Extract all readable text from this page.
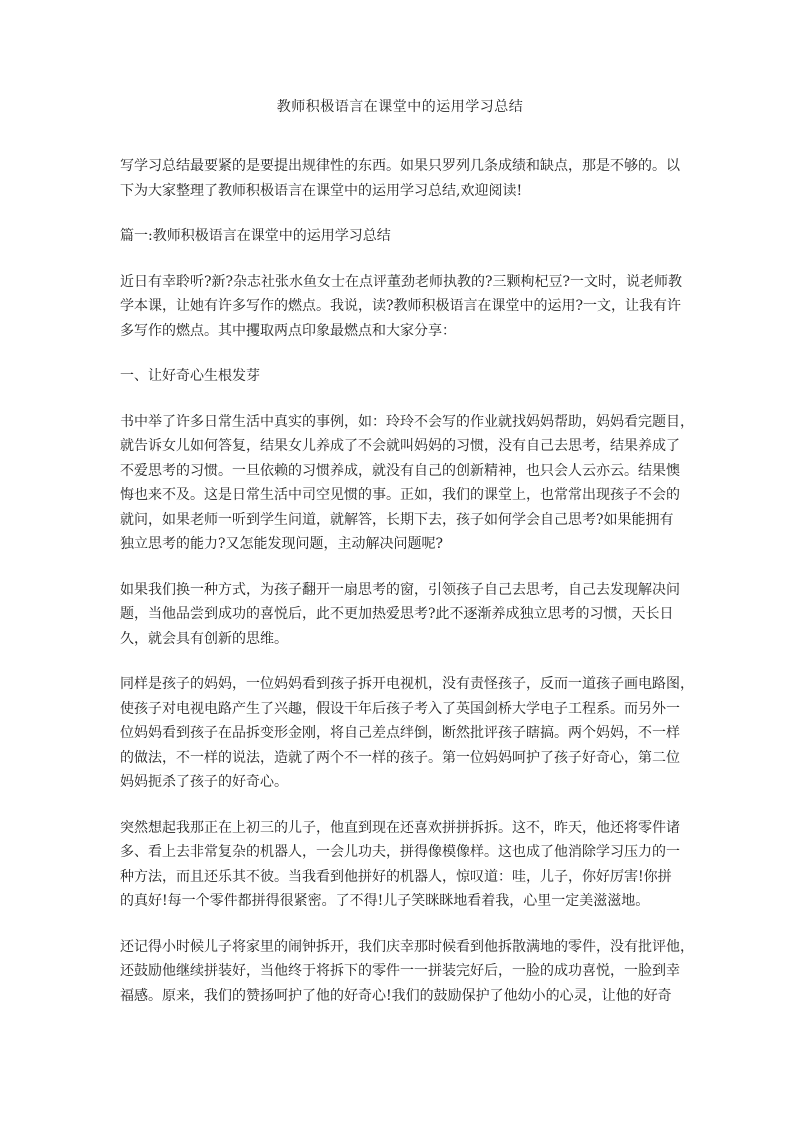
教师积极语言在课堂中的运用学习总结

写学习总结最要紧的是要提出规律性的东西。如果只罗列几条成绩和缺点，那是不够的。以
下为大家整理了教师积极语言在课堂中的运用学习总结,欢迎阅读!

篇一:教师积极语言在课堂中的运用学习总结

近日有幸聆听?新?杂志社张水鱼女士在点评董劲老师执教的?三颗枸杞豆?一文时，说老师教
学本课，让她有许多写作的燃点。我说，读?教师积极语言在课堂中的运用?一文，让我有许
多写作的燃点。其中攫取两点印象最燃点和大家分享：

一、让好奇心生根发芽

书中举了许多日常生活中真实的事例，如：玲玲不会写的作业就找妈妈帮助，妈妈看完题目，
就告诉女儿如何答复，结果女儿养成了不会就叫妈妈的习惯，没有自己去思考，结果养成了
不爱思考的习惯。一旦依赖的习惯养成，就没有自己的创新精神，也只会人云亦云。结果懊
悔也来不及。这是日常生活中司空见惯的事。正如，我们的课堂上，也常常出现孩子不会的
就问，如果老师一听到学生问道，就解答，长期下去，孩子如何学会自己思考?如果能拥有
独立思考的能力?又怎能发现问题，主动解决问题呢?

如果我们换一种方式，为孩子翻开一扇思考的窗，引领孩子自己去思考，自己去发现解决问
题，当他品尝到成功的喜悦后，此不更加热爱思考?此不逐渐养成独立思考的习惯，天长日
久，就会具有创新的思维。

同样是孩子的妈妈，一位妈妈看到孩子拆开电视机，没有责怪孩子，反而一道孩子画电路图，
使孩子对电视电路产生了兴趣，假设干年后孩子考入了英国剑桥大学电子工程系。而另外一
位妈妈看到孩子在品拆变形金刚，将自己差点绊倒，断然批评孩子瞎搞。两个妈妈，不一样
的做法，不一样的说法，造就了两个不一样的孩子。第一位妈妈呵护了孩子好奇心，第二位
妈妈扼杀了孩子的好奇心。

突然想起我那正在上初三的儿子，他直到现在还喜欢拼拼拆拆。这不，昨天，他还将零件诸
多、看上去非常复杂的机器人，一会儿功夫，拼得像模像样。这也成了他消除学习压力的一
种方法，而且还乐其不彼。当我看到他拼好的机器人，惊叹道：哇，儿子，你好厉害!你拼
的真好!每一个零件都拼得很紧密。了不得!儿子笑眯眯地看着我，心里一定美滋滋地。

还记得小时候儿子将家里的闹钟拆开，我们庆幸那时候看到他拆散满地的零件，没有批评他，
还鼓励他继续拼装好，当他终于将拆下的零件一一拼装完好后，一脸的成功喜悦，一脸到幸
福感。原来，我们的赞扬呵护了他的好奇心!我们的鼓励保护了他幼小的心灵，让他的好奇
